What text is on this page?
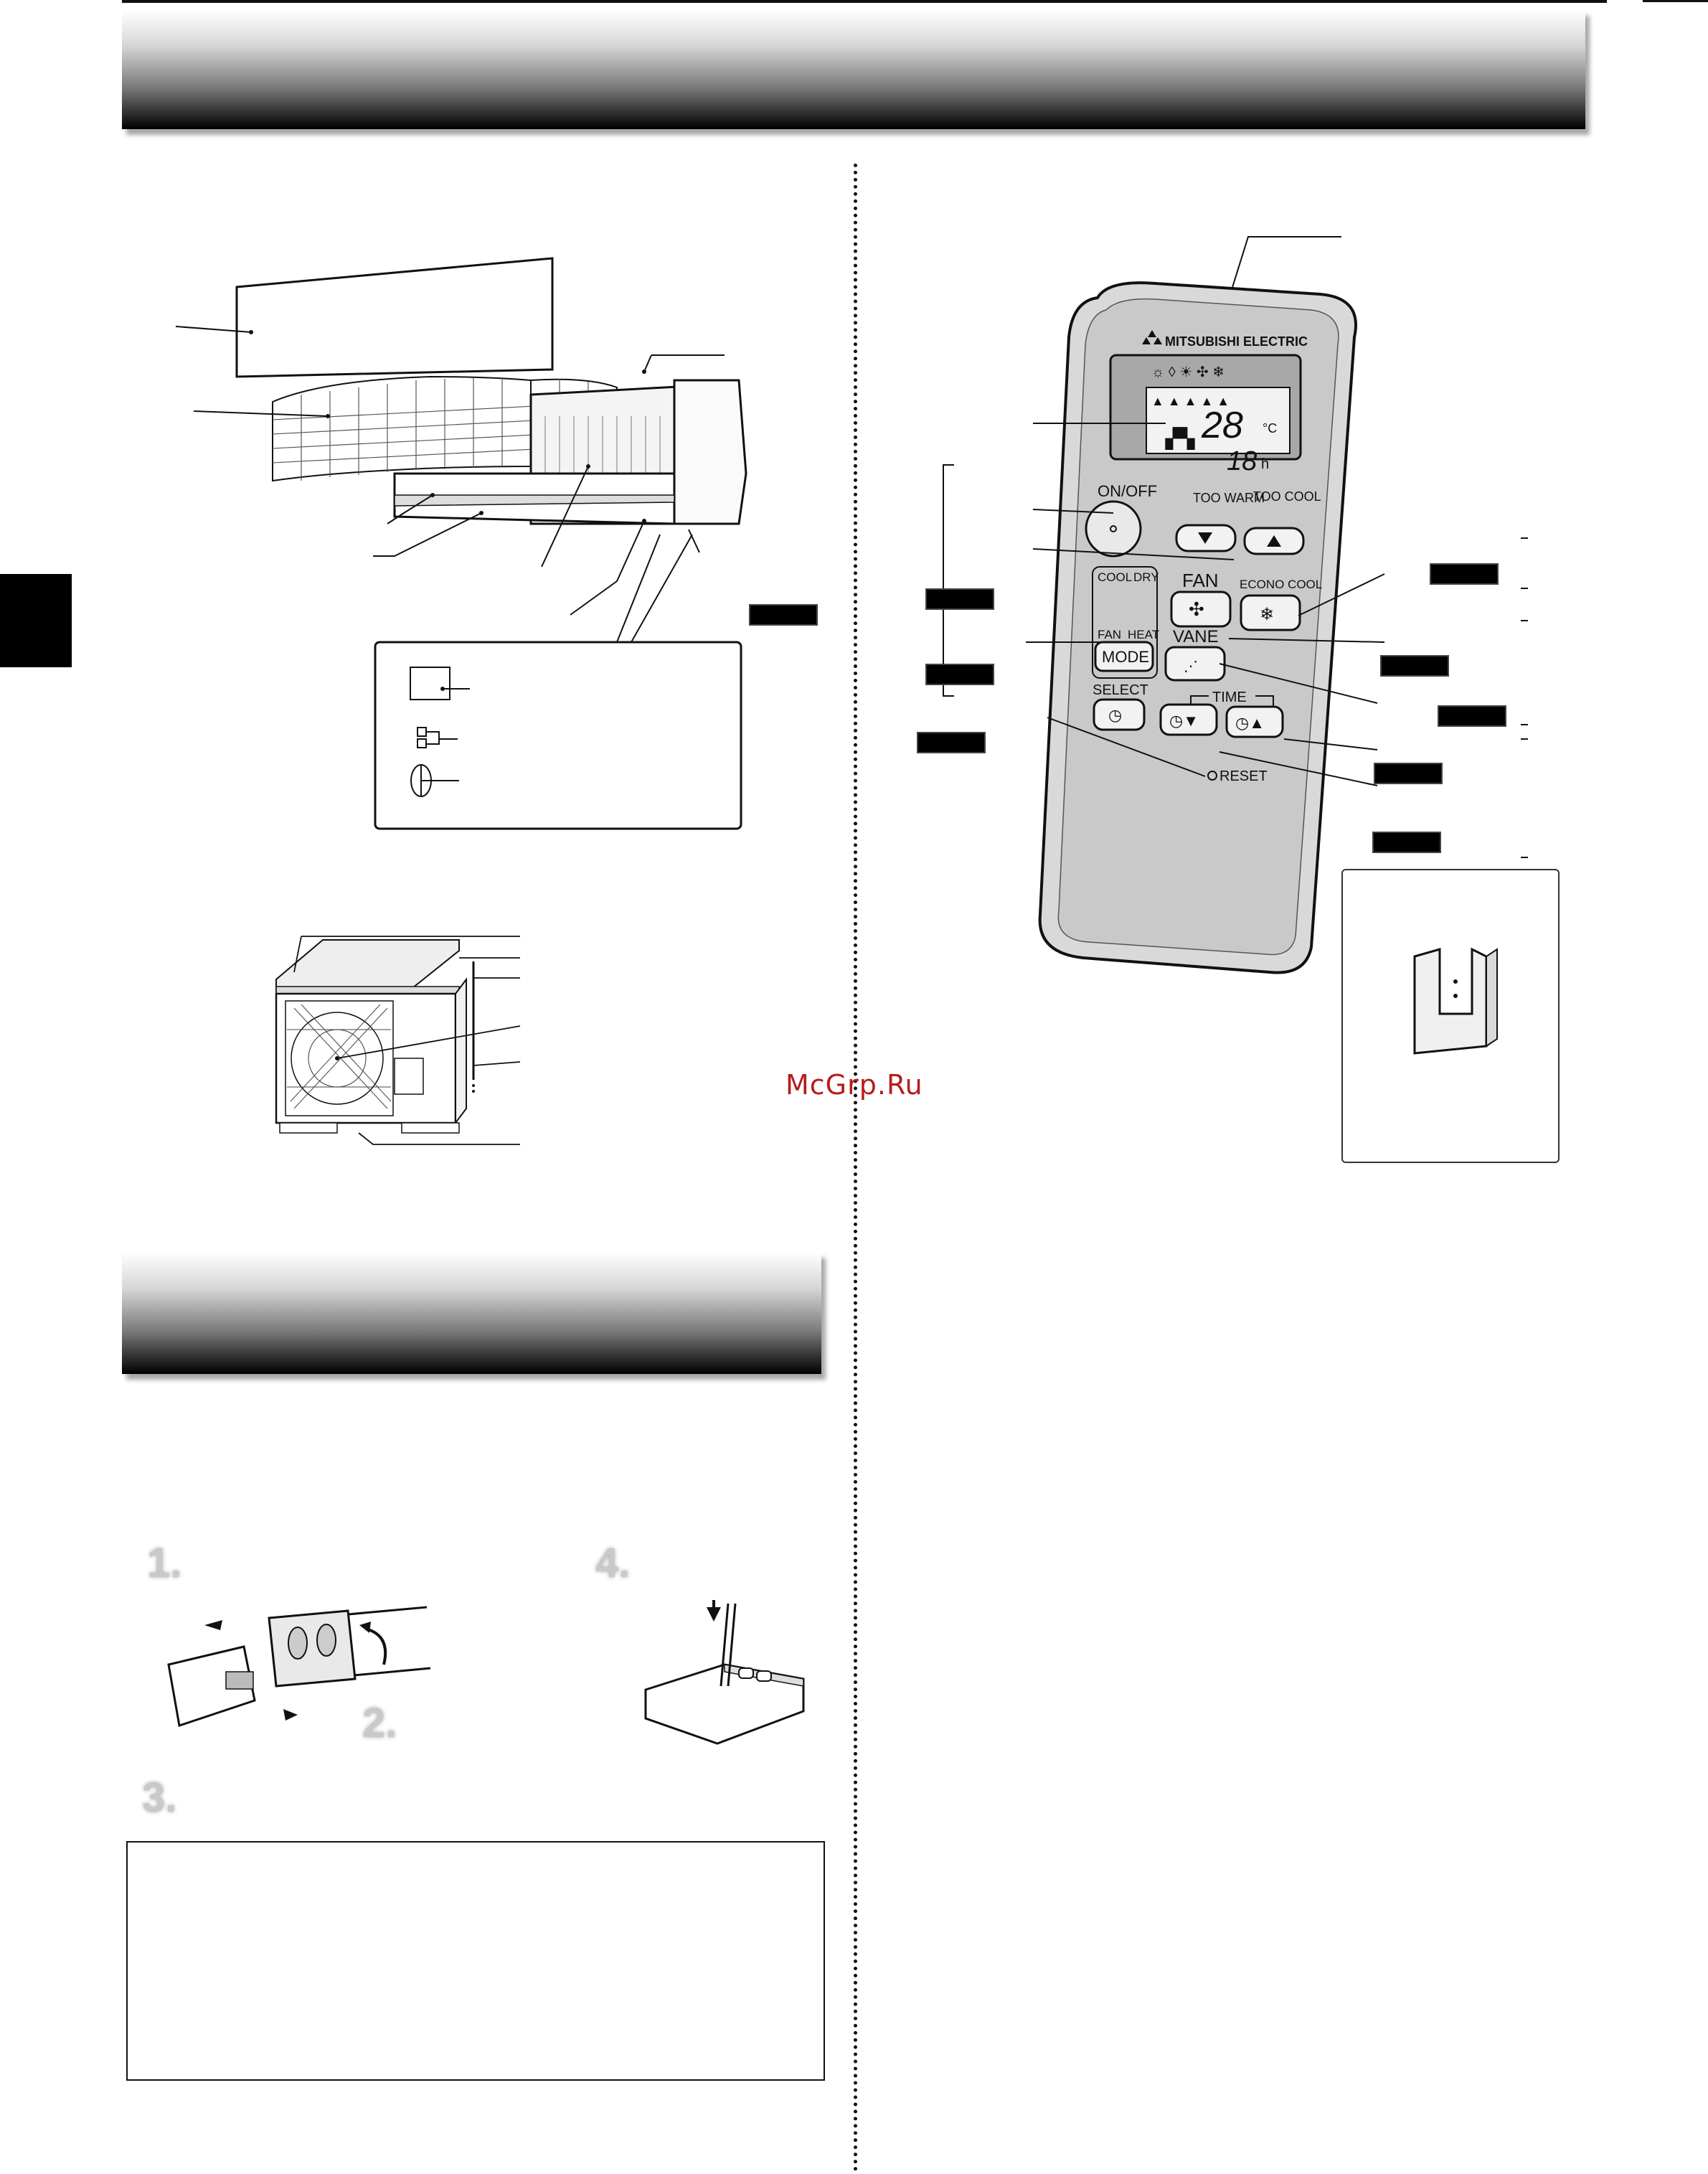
MITSUBISHI ELECTRIC
☼ ◊ ☀ ✣ ❄
▲ ▲ ▲ ▲ ▲
28 °C
18 h
▞▚
ON/OFF	TOO WARM
TOO COOL
COOL DRY
FAN HEAT
MODE
FAN
✣
ECONO COOL
❄
VANE
⋰
SELECT	TIME
◷	◷▼ ◷▲
RESET
McGrp.Ru
1.	4.
2.
3.
